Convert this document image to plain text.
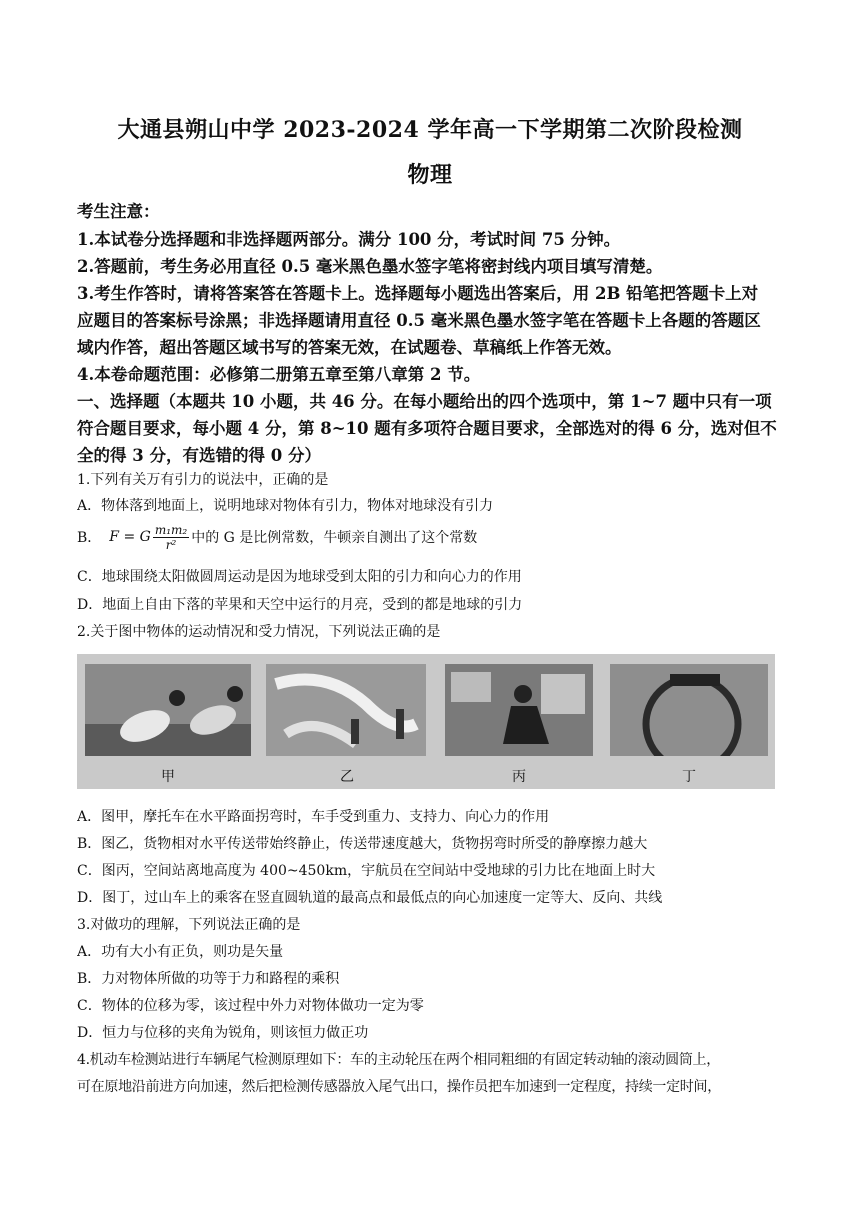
大通县朔山中学 2023-2024 学年高一下学期第二次阶段检测
物理
考生注意：
1.本试卷分选择题和非选择题两部分。满分 100 分，考试时间 75 分钟。
2.答题前，考生务必用直径 0.5 毫米黑色墨水签字笔将密封线内项目填写清楚。
3.考生作答时，请将答案答在答题卡上。选择题每小题选出答案后，用 2B 铅笔把答题卡上对
应题目的答案标号涂黑；非选择题请用直径 0.5 毫米黑色墨水签字笔在答题卡上各题的答题区
域内作答，超出答题区域书写的答案无效，在试题卷、草稿纸上作答无效。
4.本卷命题范围：必修第二册第五章至第八章第 2 节。
一、选择题（本题共 10 小题，共 46 分。在每小题给出的四个选项中，第 1~7 题中只有一项
符合题目要求，每小题 4 分，第 8~10 题有多项符合题目要求，全部选对的得 6 分，选对但不
全的得 3 分，有选错的得 0 分）
1.下列有关万有引力的说法中，正确的是
A．物体落到地面上，说明地球对物体有引力，物体对地球没有引力
B． F = G $\frac{\text{m₁m₂}}{\text{r²}}$ 中的 G 是比例常数，牛顿亲自测出了这个常数
C．地球围绕太阳做圆周运动是因为地球受到太阳的引力和向心力的作用
D．地面上自由下落的苹果和天空中运行的月亮，受到的都是地球的引力
2.关于图中物体的运动情况和受力情况，下列说法正确的是
甲	乙	丙	丁
A．图甲，摩托车在水平路面拐弯时，车手受到重力、支持力、向心力的作用
B．图乙，货物相对水平传送带始终静止，传送带速度越大，货物拐弯时所受的静摩擦力越大
C．图丙，空间站离地高度为 400~450km，宇航员在空间站中受地球的引力比在地面上时大
D．图丁，过山车上的乘客在竖直圆轨道的最高点和最低点的向心加速度一定等大、反向、共线
3.对做功的理解，下列说法正确的是
A．功有大小有正负，则功是矢量
B．力对物体所做的功等于力和路程的乘积
C．物体的位移为零，该过程中外力对物体做功一定为零
D．恒力与位移的夹角为锐角，则该恒力做正功
4.机动车检测站进行车辆尾气检测原理如下：车的主动轮压在两个相同粗细的有固定转动轴的滚动圆筒上，
可在原地沿前进方向加速，然后把检测传感器放入尾气出口，操作员把车加速到一定程度，持续一定时间，
